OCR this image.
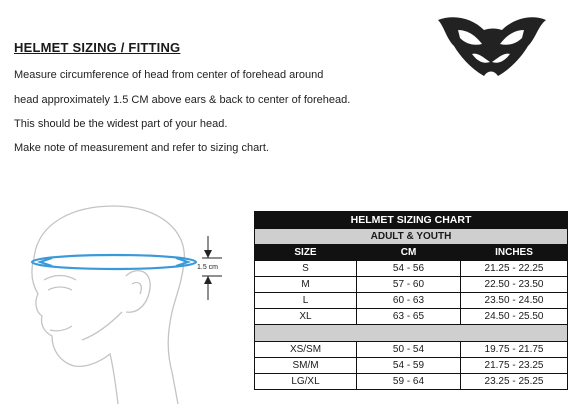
HELMET SIZING / FITTING
Measure circumference of head from center of forehead around
head approximately 1.5 CM above ears & back to center of forehead.
This should be the widest part of your head.
Make note of measurement and refer to sizing chart.
1.5 cm
HELMET SIZING CHART		
ADULT & YOUTH		
SIZE	CM	INCHES
S	54 - 56	21.25 - 22.25
M	57 - 60	22.50 - 23.50
L	60 - 63	23.50 - 24.50
XL	63 - 65	24.50 - 25.50

XS/SM	50 - 54	19.75 - 21.75
SM/M	54 - 59	21.75 - 23.25
LG/XL	59 - 64	23.25 - 25.25
